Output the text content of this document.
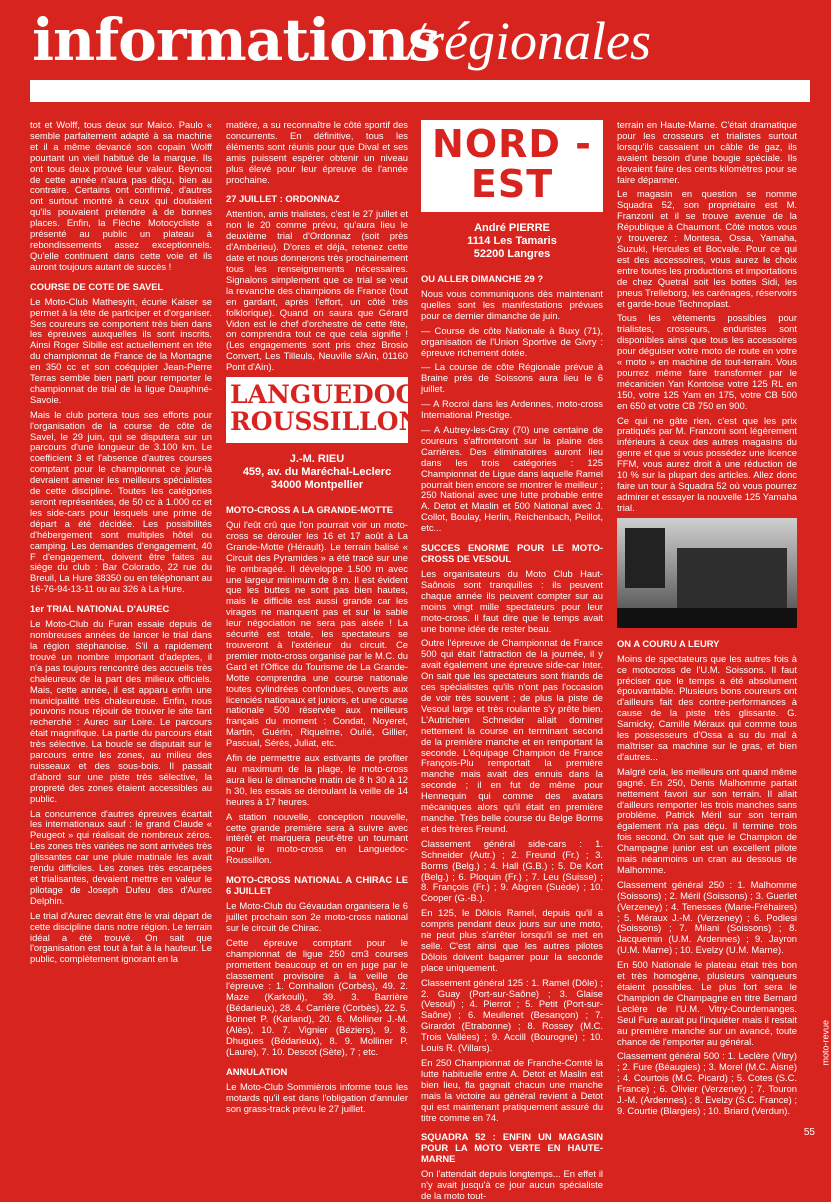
informations
/régionales

tot et Wolff, tous deux sur Maico. Paulo « semble parfaitement adapté à sa machine et il a même devancé son copain Wolff pourtant un vieil habitué de la marque. Ils ont tous deux prouvé leur valeur. Beynost de cette année n'aura pas déçu, bien au contraire. Certains ont confirmé, d'autres ont surtout montré à ceux qui doutaient qu'ils pouvaient prétendre à de bonnes places. Enfin, la Flèche Motocycliste a présenté au public un plateau à rebondissements assez exceptionnels. Qu'elle continuent dans cette voie et ils auront toujours autant de succès !

COURSE DE COTE DE SAVEL

Le Moto-Club Mathesyin, écurie Kaiser se permet à la tête de participer et d'organiser. Ses coureurs se comportent très bien dans les épreuves auxquelles ils sont inscrits. Ainsi Roger Sibille est actuellement en tête du championnat de France de la Montagne en 350 cc et son coéquipier Jean-Pierre Terras semble bien parti pour remporter le championnat de trial de la ligue Dauphiné-Savoie.

Mais le club portera tous ses efforts pour l'organisation de la course de côte de Savel, le 29 juin, qui se disputera sur un parcours d'une longueur de 3.100 km. Le coefficient 3 et l'absence d'autres courses comptant pour le championnat ce jour-là devraient amener les meilleurs spécialistes de cette discipline. Toutes les catégories seront représentées, de 50 cc à 1.000 cc et les side-cars pour lesquels une prime de départ a été décidée. Les possibilités d'hébergement sont multiples hôtel ou camping. Les demandes d'engagement, 40 F d'engagement, doivent être faites au siège du club : Bar Colorado, 22 rue du Breuil, La Hure 38350 ou en téléphonant au 16-76-94-13-11 ou au 326 à La Hure.

1er TRIAL NATIONAL D'AUREC

Le Moto-Club du Furan essaie depuis de nombreuses années de lancer le trial dans la région stéphanoise. S'il a rapidement trouvé un nombre important d'adeptes, il n'a pas toujours rencontré des accueils très chaleureux de la part des milieux officiels. Mais, cette année, il est apparu enfin une municipalité très chaleureuse. Enfin, nous pouvons nous réjouir de trouver le site tant recherché : Aurec sur Loire. Le parcours était magnifique. La partie du parcours était très sélective. La boucle se disputait sur le parcours entre les zones, au milieu des ruisseaux et des sous-bois. Il passait d'abord sur une piste très sélective, la propreté des zones étaient accessibles au public.

La concurrence d'autres épreuves écartait les internationaux sauf : le grand Claude « Peugeot » qui réalisait de nombreux zéros. Les zones très variées ne sont arrivées très glissantes car une pluie matinale les avait rendu difficiles. Les zones très escarpées et trialisantes, devaient mettre en valeur le pilotage de Joseph Dufeu des d'Aurec Delphin.

Le trial d'Aurec devrait être le vrai départ de cette discipline dans notre région. Le terrain idéal a été trouvé. On sait que l'organisation est tout à fait à la hauteur. Le public, complètement ignorant en la

matière, a su reconnaître le côté sportif des concurrents. En définitive, tous les éléments sont réunis pour que Dival et ses amis puissent espérer obtenir un niveau plus élevé pour leur épreuve de l'année prochaine.

27 JUILLET : ORDONNAZ

Attention, amis trialistes, c'est le 27 juillet et non le 20 comme prévu, qu'aura lieu le deuxième trial d'Ordonnaz (soit près d'Ambérieu). D'ores et déjà, retenez cette date et nous donnerons très prochainement tous les renseignements nécessaires. Signalons simplement que ce trial se veut la revanche des champions de France (tout en gardant, après l'effort, un côté très folklorique). Quand on saura que Gérard Vidon est le chef d'orchestre de cette fête, on comprendra tout ce que cela signifie ! (Les engagements sont pris chez Brosio Convert, Les Tilleuls, Neuville s/Ain, 01160 Pont d'Ain).

LANGUEDOC ROUSSILLON
J.-M. RIEU
459, av. du Maréchal-Leclerc
34000 Montpellier
MOTO-CROSS A LA GRANDE-MOTTE

Qui l'eût crû que l'on pourrait voir un moto-cross se dérouler les 16 et 17 août à La Grande-Motte (Hérault). Le terrain balisé « Circuit des Pyramides » a été tracé sur une île ombragée. Il développe 1.500 m avec une largeur minimum de 8 m. Il est évident que les buttes ne sont pas bien hautes, mais le difficile est aussi grande car les virages ne manquent pas et sur le sable leur négociation ne sera pas aisée ! La sécurité est totale, les spectateurs se trouveront à l'extérieur du circuit. Ce premier moto-cross organisé par le M.C. du Gard et l'Office du Tourisme de La Grande-Motte comprendra une course nationale toutes cylindrées confondues, ouverts aux licenciés nationaux et juniors, et une course nationale 500 réservée aux meilleurs français du moment : Condat, Noyeret, Martin, Guérin, Riquelme, Oulié, Gillier, Pascual, Sérès, Juliat, etc.

Afin de permettre aux estivants de profiter au maximum de la plage, le moto-cross aura lieu le dimanche matin de 8 h 30 à 12 h 30, les essais se déroulant la veille de 14 heures à 17 heures.

A station nouvelle, conception nouvelle, cette grande première sera à suivre avec intérêt et marquera peut-être un tournant pour le moto-cross en Languedoc-Roussillon.

MOTO-CROSS NATIONAL A CHIRAC LE 6 JUILLET

Le Moto-Club du Gévaudan organisera le 6 juillet prochain son 2e moto-cross national sur le circuit de Chirac.

Cette épreuve comptant pour le championnat de ligue 250 cm3 courses promettent beaucoup et on en juge par le classement provisoire à la veille de l'épreuve : 1. Cornhallon (Corbès), 49. 2. Maze (Karkouli), 39. 3. Barrière (Bédarieux), 28. 4. Carrière (Corbès), 22. 5. Bonnet P. (Karland), 20. 6. Molliner J.-M. (Alès), 10. 7. Vignier (Béziers), 9. 8. Dhugues (Bédarieux), 8. 9. Molliner P. (Laure), 7. 10. Descot (Sète), 7 ; etc.

ANNULATION

Le Moto-Club Sommièrois informe tous les motards qu'il est dans l'obligation d'annuler son grass-track prévu le 27 juillet.

NORD -EST
André PIERRE
1114 Les Tamaris
52200 Langres
OU ALLER DIMANCHE 29 ?

Nous vous communiquons dès maintenant quelles sont les manifestations prévues pour ce dernier dimanche de juin.

— Course de côte Nationale à Buxy (71), organisation de l'Union Sportive de Givry : épreuve richement dotée.

— La course de côte Régionale prévue à Braine près de Soissons aura lieu le 6 juillet.

— A Rocroi dans les Ardennes, moto-cross International Prestige.

— A Autrey-les-Gray (70) une centaine de coureurs s'affronteront sur la plaine des Carrières. Des éliminatoires auront lieu dans les trois catégories : 125 Championnat de Ligue dans laquelle Ramel pourrait bien encore se montrer le meilleur ; 250 National avec une lutte probable entre A. Detot et Maslin et 500 National avec J. Collot, Boulay, Herlin, Reichenbach, Peillot, etc...

SUCCES ENORME POUR LE MOTO-CROSS DE VESOUL

Les organisateurs du Moto Club Haut-Saônois sont tranquilles : ils peuvent chaque année ils peuvent compter sur au moins vingt mille spectateurs pour leur moto-cross. Il faut dire que le temps avait une bonne idée de rester beau.

Outre l'épreuve de Championnat de France 500 qui était l'attraction de la journée, il y avait également une épreuve side-car Inter. On sait que les spectateurs sont friands de ces spécialistes qu'ils n'ont pas l'occasion de voir très souvent ; de plus la piste de Vesoul large et très roulante s'y prête bien. L'Autrichien Schneider allait dominer nettement la course en terminant second de la première manche et en remportant la seconde. L'équipage Champion de France François-Plu remportait la première manche mais avait des ennuis dans la seconde ; il en fut de même pour Hennequin qui comme des avatars mécaniques alors qu'il était en première manche. Très belle course du Belge Borms et des frères Freund.

Classement général side-cars : 1. Schneider (Autr.) ; 2. Freund (Fr.) ; 3. Borms (Belg.) ; 4. Hall (G.B.) ; 5. De Kort (Belg.) ; 6. Ploquin (Fr.) ; 7. Leu (Suisse) ; 8. François (Fr.) ; 9. Abgren (Suède) ; 10. Cooper (G.-B.).

En 125, le Dôlois Ramel, depuis qu'il a compris pendant deux jours sur une moto, ne peut plus s'arrêter lorsqu'il se met en selle. C'est ainsi que les autres pilotes Dôlois doivent bagarrer pour la seconde place uniquement.

Classement général 125 : 1. Ramel (Dôle) ; 2. Guay (Port-sur-Saône) ; 3. Glaise (Vesoul) ; 4. Pierrot ; 5. Petit (Port-sur-Saône) ; 6. Meullenet (Besançon) ; 7. Girardot (Etrabonne) ; 8. Rossey (M.C. Trois Vallées) ; 9. Accill (Bourogne) ; 10. Louis R. (Villars).

En 250 Championnat de Franche-Comté la lutte habituelle entre A. Detot et Maslin est bien lieu, fla gagnait chacun une manche mais la victoire au général revient à Detot qui est maintenant pratiquement assuré du titre comme en 74.

SQUADRA 52 : ENFIN UN MAGASIN POUR LA MOTO VERTE EN HAUTE-MARNE

On l'attendait depuis longtemps... En effet il n'y avait jusqu'à ce jour aucun spécialiste de la moto tout-

terrain en Haute-Marne. C'était dramatique pour les crosseurs et trialistes surtout lorsqu'ils cassaient un câble de gaz, ils avaient besoin d'une bougie spéciale. Ils devaient faire des cents kilomètres pour se faire dépanner.

Le magasin en question se nomme Squadra 52, son propriétaire est M. Franzoni et il se trouve avenue de la République à Chaumont. Côté motos vous y trouverez : Montesa, Ossa, Yamaha, Suzuki, Hercules et Bocvale. Pour ce qui est des accessoires, vous aurez le choix entre toutes les productions et importations de chez Quetral soit les bottes Sidi, les pneus Trelleborg, les carénages, réservoirs et garde-boue Technoplast.

Tous les vêtements possibles pour trialistes, crosseurs, enduristes sont disponibles ainsi que tous les accessoires pour déguiser votre moto de route en votre « moto » en machine de tout-terrain. Vous pourrez même faire transformer par le mécanicien Yan Kontoise votre 125 RL en 150, votre 125 Yam en 175, votre CB 500 en 650 et votre CB 750 en 900.

Ce qui ne gâte rien, c'est que les prix pratiqués par M. Franzoni sont légèrement inférieurs à ceux des autres magasins du genre et que si vous possédez une licence FFM, vous aurez droit à une réduction de 10 % sur la plupart des articles. Allez donc faire un tour à Squadra 52 où vous pourrez admirer et essayer la nouvelle 125 Yamaha trial.

ON A COURU A LEURY

Moins de spectateurs que les autres fois à ce motocross de l'U.M. Soissons. Il faut préciser que le temps a été absolument épouvantable. Plusieurs bons coureurs ont d'ailleurs fait des contre-performances à cause de la piste très glissante. G. Sarnicky, Camille Méraux qui comme tous les possesseurs d'Ossa a su du mal à maîtriser sa machine sur le gras, et bien d'autres...

Malgré cela, les meilleurs ont quand même gagné. En 250, Denis Malhomme partait nettement favori sur son terrain. Il allait d'ailleurs remporter les trois manches sans problème. Patrick Méril sur son terrain également n'a pas déçu. Il termine trois fois second. On sait que le Champion de Champagne junior est un excellent pilote mais néanmoins un cran au dessous de Malhomme.

Classement général 250 : 1. Malhomme (Soissons) ; 2. Méril (Soissons) ; 3. Guerlet (Verzeney) ; 4. Tenesses (Marie-Fréhaires) ; 5. Méraux J.-M. (Verzeney) ; 6. Podlesi (Soissons) ; 7. Milani (Soissons) ; 8. Jacquemin (U.M. Ardennes) ; 9. Jayron (U.M. Marne) ; 10. Evelzy (U.M. Marne).

En 500 Nationale le plateau était très bon et très homogène, plusieurs vainqueurs étaient possibles. Le plus fort sera le Champion de Champagne en titre Bernard Leclère de l'U.M. Vitry-Courdemanges. Seul Fure aurait pu l'inquiéter mais il restait au première manche sur un avancé, toute chance de l'emporter au général.

Classement général 500 : 1. Leclère (Vitry) ; 2. Fure (Béaugies) ; 3. Morel (M.C. Aisne) ; 4. Courtois (M.C. Picard) ; 5. Cotes (S.C. France) ; 6. Olivier (Verzeney) ; 7. Touron J.-M. (Ardennes) ; 8. Evelzy (S.C. France) ; 9. Courtie (Blargies) ; 10. Briard (Verdun).

moto-revue
55
